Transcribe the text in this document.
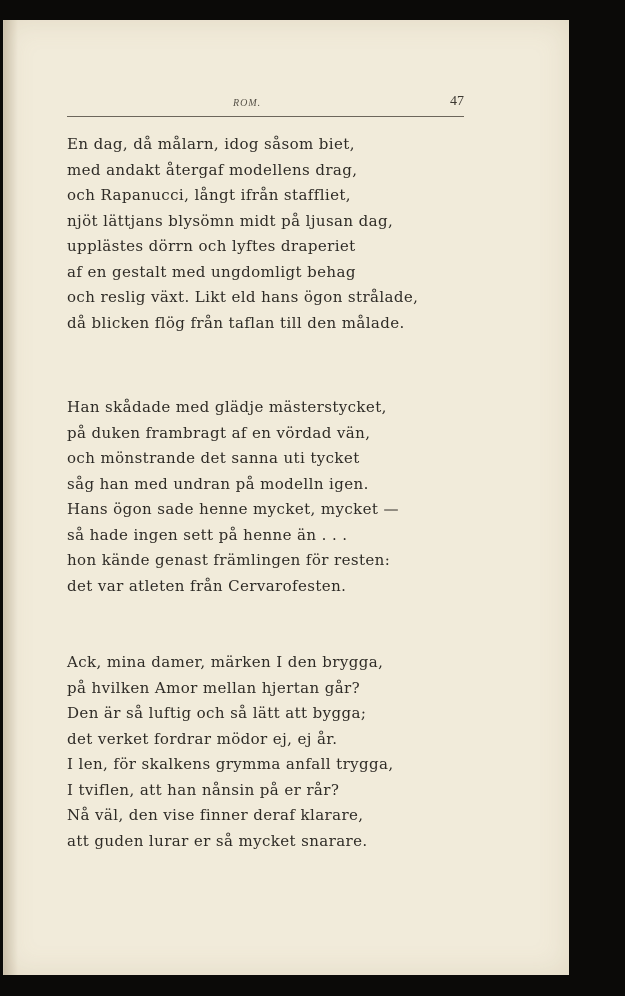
ROM.	47
En dag, då målarn, idog såsom biet,
med andakt återgaf modellens drag,
och Rapanucci, långt ifrån staffliet,
njöt lättjans blysömn midt på ljusan dag,
upplästes dörrn och lyftes draperiet
af en gestalt med ungdomligt behag
och reslig växt. Likt eld hans ögon strålade,
då blicken flög från taflan till den målade.
Han skådade med glädje mästerstycket,
på duken frambragt af en vördad vän,
och mönstrande det sanna uti tycket
såg han med undran på modelln igen.
Hans ögon sade henne mycket, mycket —
så hade ingen sett på henne än . . .
hon kände genast främlingen för resten:
det var atleten från Cervarofesten.
Ack, mina damer, märken I den brygga,
på hvilken Amor mellan hjertan går?
Den är så luftig och så lätt att bygga;
det verket fordrar mödor ej, ej år.
I len, för skalkens grymma anfall trygga,
I tviflen, att han nånsin på er rår?
Nå väl, den vise finner deraf klarare,
att guden lurar er så mycket snarare.
